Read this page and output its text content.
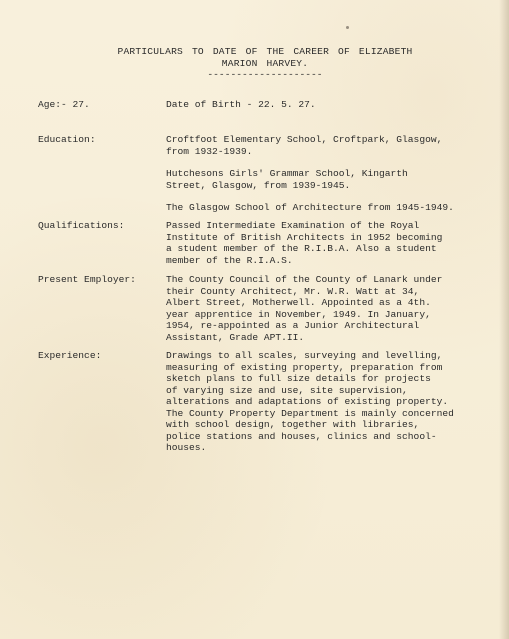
PARTICULARS TO DATE OF THE CAREER OF ELIZABETH
MARION HARVEY.
--------------------
Age:- 27.	Date of Birth - 22. 5. 27.
Education:	Croftfoot Elementary School, Croftpark, Glasgow,
from 1932-1939.

Hutchesons Girls' Grammar School, Kingarth
Street, Glasgow, from 1939-1945.

The Glasgow School of Architecture from 1945-1949.

Qualifications:	Passed Intermediate Examination of the Royal
Institute of British Architects in 1952 becoming
a student member of the R.I.B.A. Also a student
member of the R.I.A.S.

Present Employer:	The County Council of the County of Lanark under
their County Architect, Mr. W.R. Watt at 34,
Albert Street, Motherwell. Appointed as a 4th.
year apprentice in November, 1949. In January,
1954, re-appointed as a Junior Architectural
Assistant, Grade APT.II.

Experience:	Drawings to all scales, surveying and levelling,
measuring of existing property, preparation from
sketch plans to full size details for projects
of varying size and use, site supervision,
alterations and adaptations of existing property.
The County Property Department is mainly concerned
with school design, together with libraries,
police stations and houses, clinics and school-
houses.
